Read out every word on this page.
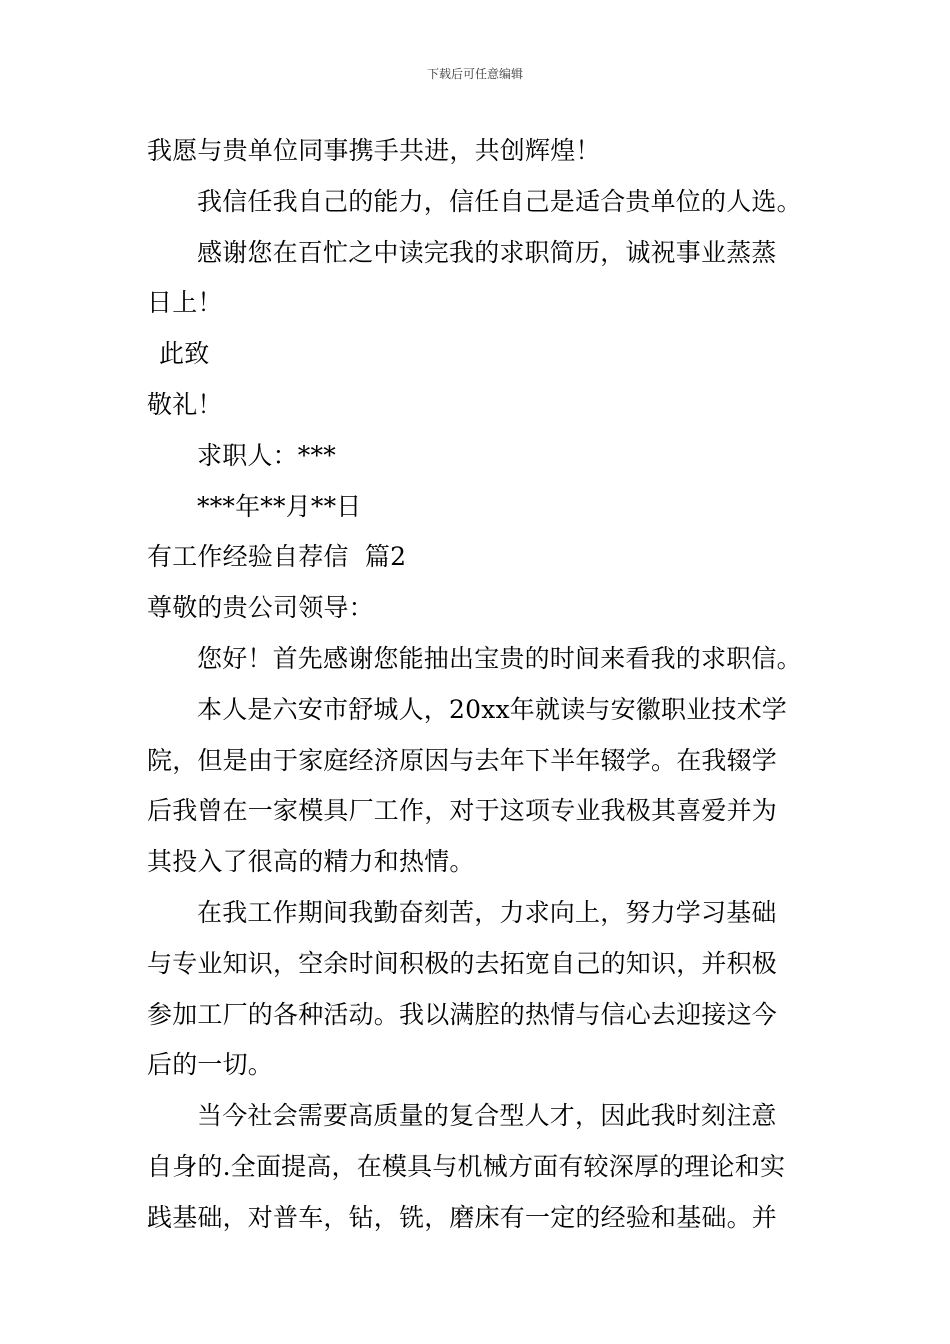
下载后可任意编辑
我愿与贵单位同事携手共进，共创辉煌！
我信任我自己的能力，信任自己是适合贵单位的人选。
感谢您在百忙之中读完我的求职简历，诚祝事业蒸蒸
日上！
此致
敬礼！
求职人：***
***年**月**日
有工作经验自荐信  篇2
尊敬的贵公司领导：
您好！首先感谢您能抽出宝贵的时间来看我的求职信。
本人是六安市舒城人，20xx年就读与安徽职业技术学
院，但是由于家庭经济原因与去年下半年辍学。在我辍学
后我曾在一家模具厂工作，对于这项专业我极其喜爱并为
其投入了很高的精力和热情。
在我工作期间我勤奋刻苦，力求向上，努力学习基础
与专业知识，空余时间积极的去拓宽自己的知识，并积极
参加工厂的各种活动。我以满腔的热情与信心去迎接这今
后的一切。
当今社会需要高质量的复合型人才，因此我时刻注意
自身的.全面提高，在模具与机械方面有较深厚的理论和实
践基础，对普车，钻，铣，磨床有一定的经验和基础。并
